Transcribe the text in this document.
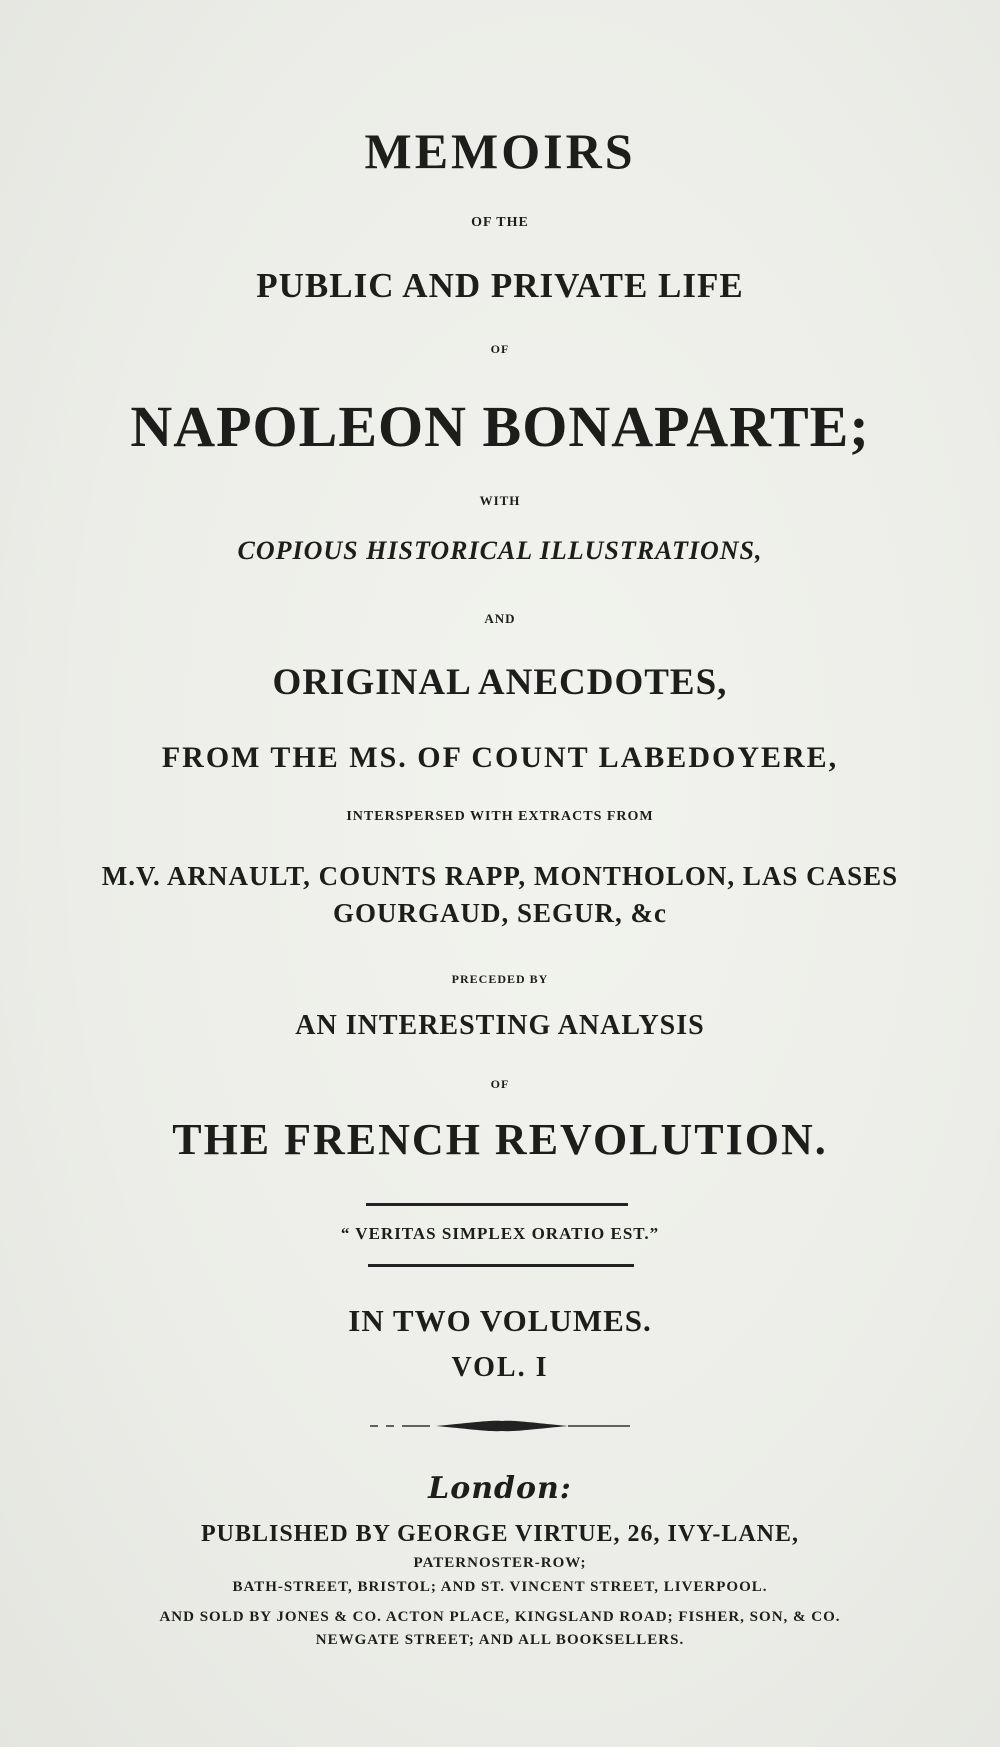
MEMOIRS
OF THE
PUBLIC AND PRIVATE LIFE
OF
NAPOLEON BONAPARTE;
WITH
COPIOUS HISTORICAL ILLUSTRATIONS,
AND
ORIGINAL ANECDOTES,
FROM THE MS. OF COUNT LABEDOYERE,
INTERSPERSED WITH EXTRACTS FROM
M.V. ARNAULT, COUNTS RAPP, MONTHOLON, LAS CASES
GOURGAUD, SEGUR, &c
PRECEDED BY
AN INTERESTING ANALYSIS
OF
THE FRENCH REVOLUTION.
“ VERITAS SIMPLEX ORATIO EST.”
IN TWO VOLUMES.
VOL. I
London:
PUBLISHED BY GEORGE VIRTUE, 26, IVY-LANE,
PATERNOSTER-ROW;
BATH-STREET, BRISTOL; AND ST. VINCENT STREET, LIVERPOOL.
AND SOLD BY JONES & CO. ACTON PLACE, KINGSLAND ROAD; FISHER, SON, & CO.
NEWGATE STREET; AND ALL BOOKSELLERS.
